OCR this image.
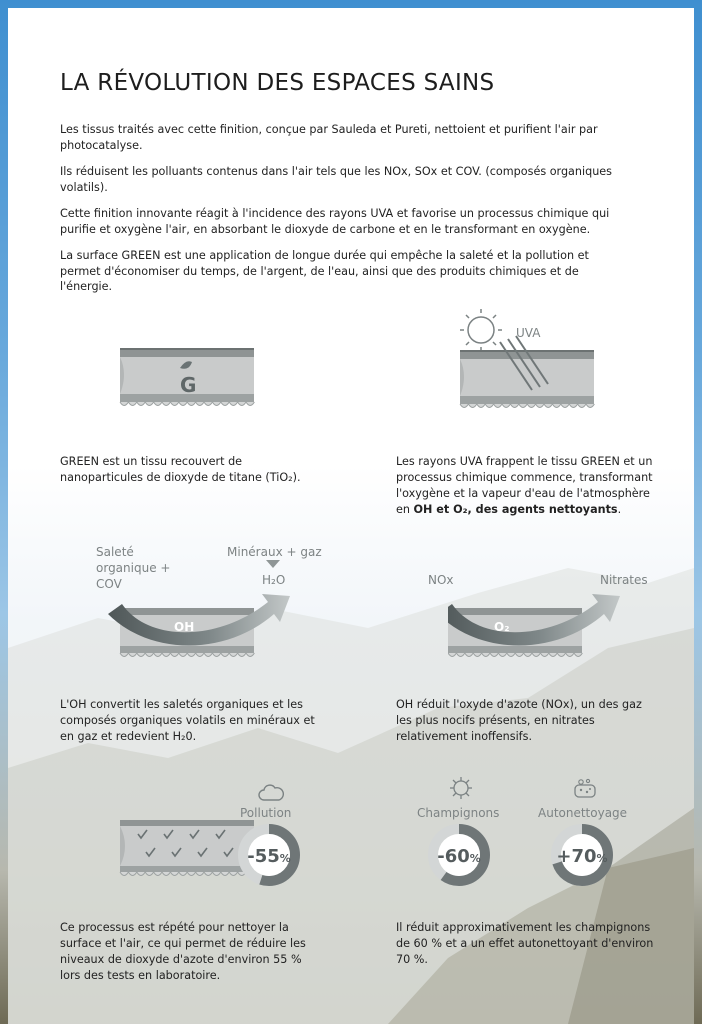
LA RÉVOLUTION DES ESPACES SAINS

Les tissus traités avec cette finition, conçue par Sauleda et Pureti, nettoient et purifient l'air par photocatalyse.

Ils réduisent les polluants contenus dans l'air tels que les NOx, SOx et COV. (composés organiques volatils).

Cette finition innovante réagit à l'incidence des rayons UVA et favorise un processus chimique qui purifie et oxygène l'air, en absorbant le dioxyde de carbone et en le transformant en oxygène.

La surface GREEN est une application de longue durée qui empêche la saleté et la pollution et permet d'économiser du temps, de l'argent, de l'eau, ainsi que des produits chimiques et de l'énergie.

G

GREEN est un tissu recouvert de nanoparticules de dioxyde de titane (TiO₂).

UVA

Les rayons UVA frappent le tissu GREEN et un processus chimique commence, transformant l'oxygène et la vapeur d'eau de l'atmosphère en OH et O₂, des agents nettoyants.

Saleté
organique +
COV
Minéraux + gaz
H₂O
OH

L'OH convertit les saletés organiques et les composés organiques volatils en minéraux et en gaz et redevient H₂0.

NOx	Nitrates
O₂

OH réduit l'oxyde d'azote (NOx), un des gaz les plus nocifs présents, en nitrates relativement inoffensifs.

Pollution
-55%

Ce processus est répété pour nettoyer la surface et l'air, ce qui permet de réduire les niveaux de dioxyde d'azote d'environ 55 % lors des tests en laboratoire.

Champignons	Autonettoyage
-60%	+70%

Il réduit approximativement les champignons de 60 % et a un effet autonettoyant d'environ 70 %.
